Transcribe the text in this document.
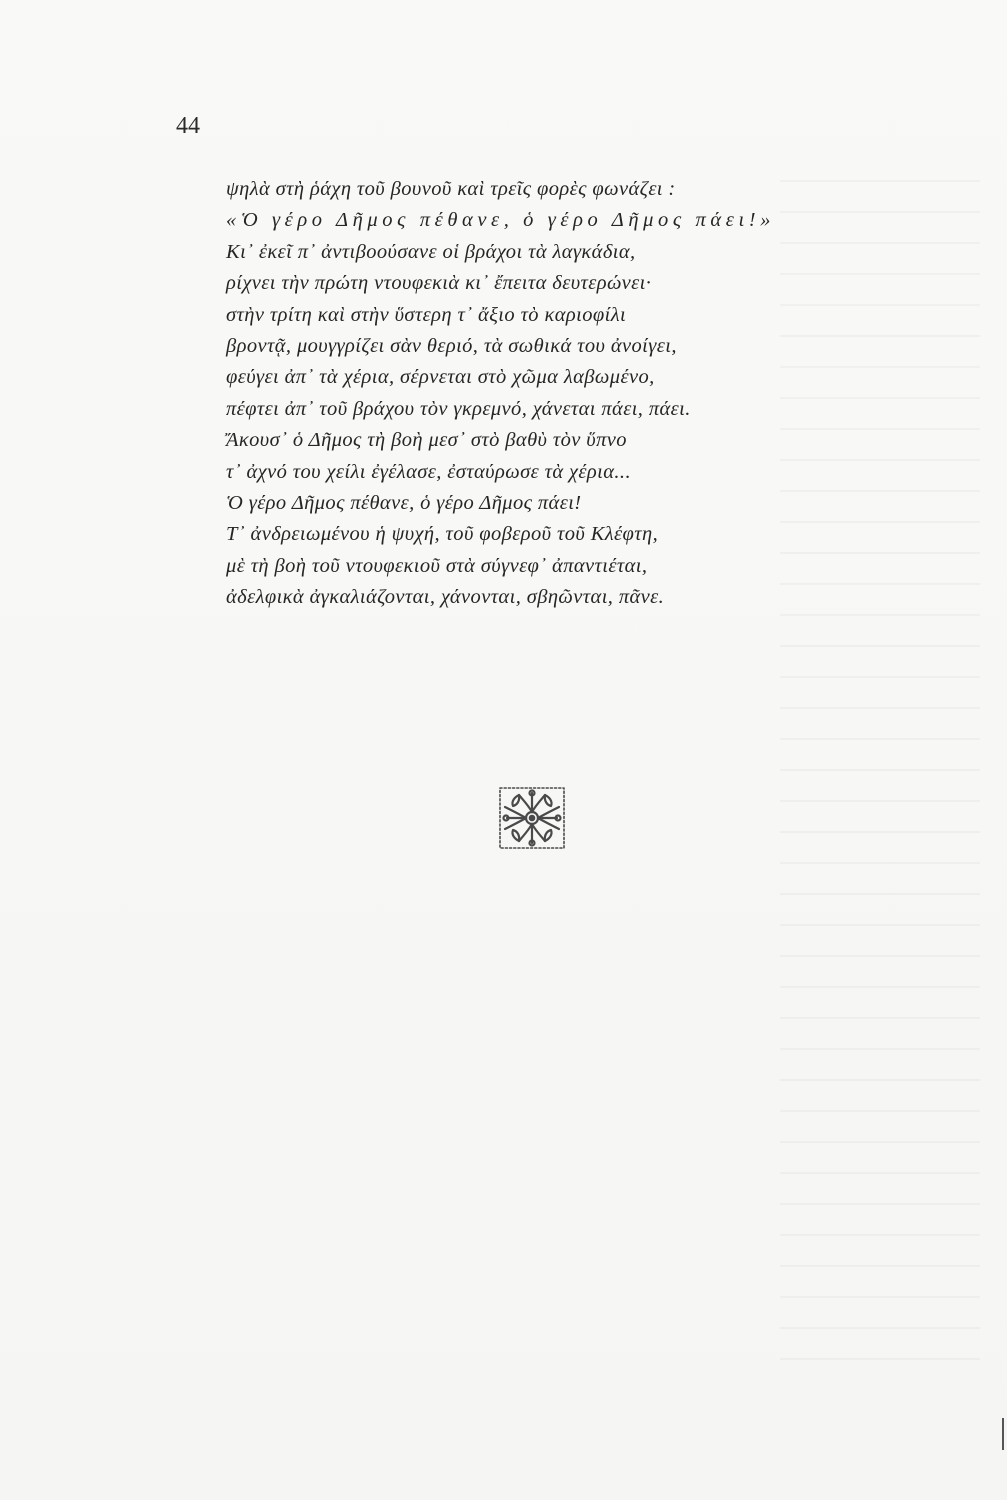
44
ψηλὰ στὴ ῥάχη τοῦ βουνοῦ καὶ τρεῖς φορὲς φωνάζει :
«Ὁ γέρο Δῆμος πέθανε, ὁ γέρο Δῆμος πάει!»
Κι᾽ ἐκεῖ π᾽ ἀντιβοούσανε οἱ βράχοι τὰ λαγκάδια,
ρίχνει τὴν πρώτη ντουφεκιὰ κι᾽ ἔπειτα δευτερώνει·
στὴν τρίτη καὶ στὴν ὕστερη τ᾽ ἄξιο τὸ καριοφίλι
βροντᾷ, μουγγρίζει σὰν θεριό, τὰ σωθικά του ἀνοίγει,
φεύγει ἀπ᾽ τὰ χέρια, σέρνεται στὸ χῶμα λαβωμένο,
πέφτει ἀπ᾽ τοῦ βράχου τὸν γκρεμνό, χάνεται πάει, πάει.
Ἄκουσ᾽ ὁ Δῆμος τὴ βοὴ μεσ᾽ στὸ βαθὺ τὸν ὕπνο
τ᾽ ἀχνό του χείλι ἐγέλασε, ἐσταύρωσε τὰ χέρια...
Ὁ γέρο Δῆμος πέθανε, ὁ γέρο Δῆμος πάει!
Τ᾽ ἀνδρειωμένου ἡ ψυχή, τοῦ φοβεροῦ τοῦ Κλέφτη,
μὲ τὴ βοὴ τοῦ ντουφεκιοῦ στὰ σύγνεφ᾽ ἀπαντιέται,
ἀδελφικὰ ἀγκαλιάζονται, χάνονται, σβηῶνται, πᾶνε.
